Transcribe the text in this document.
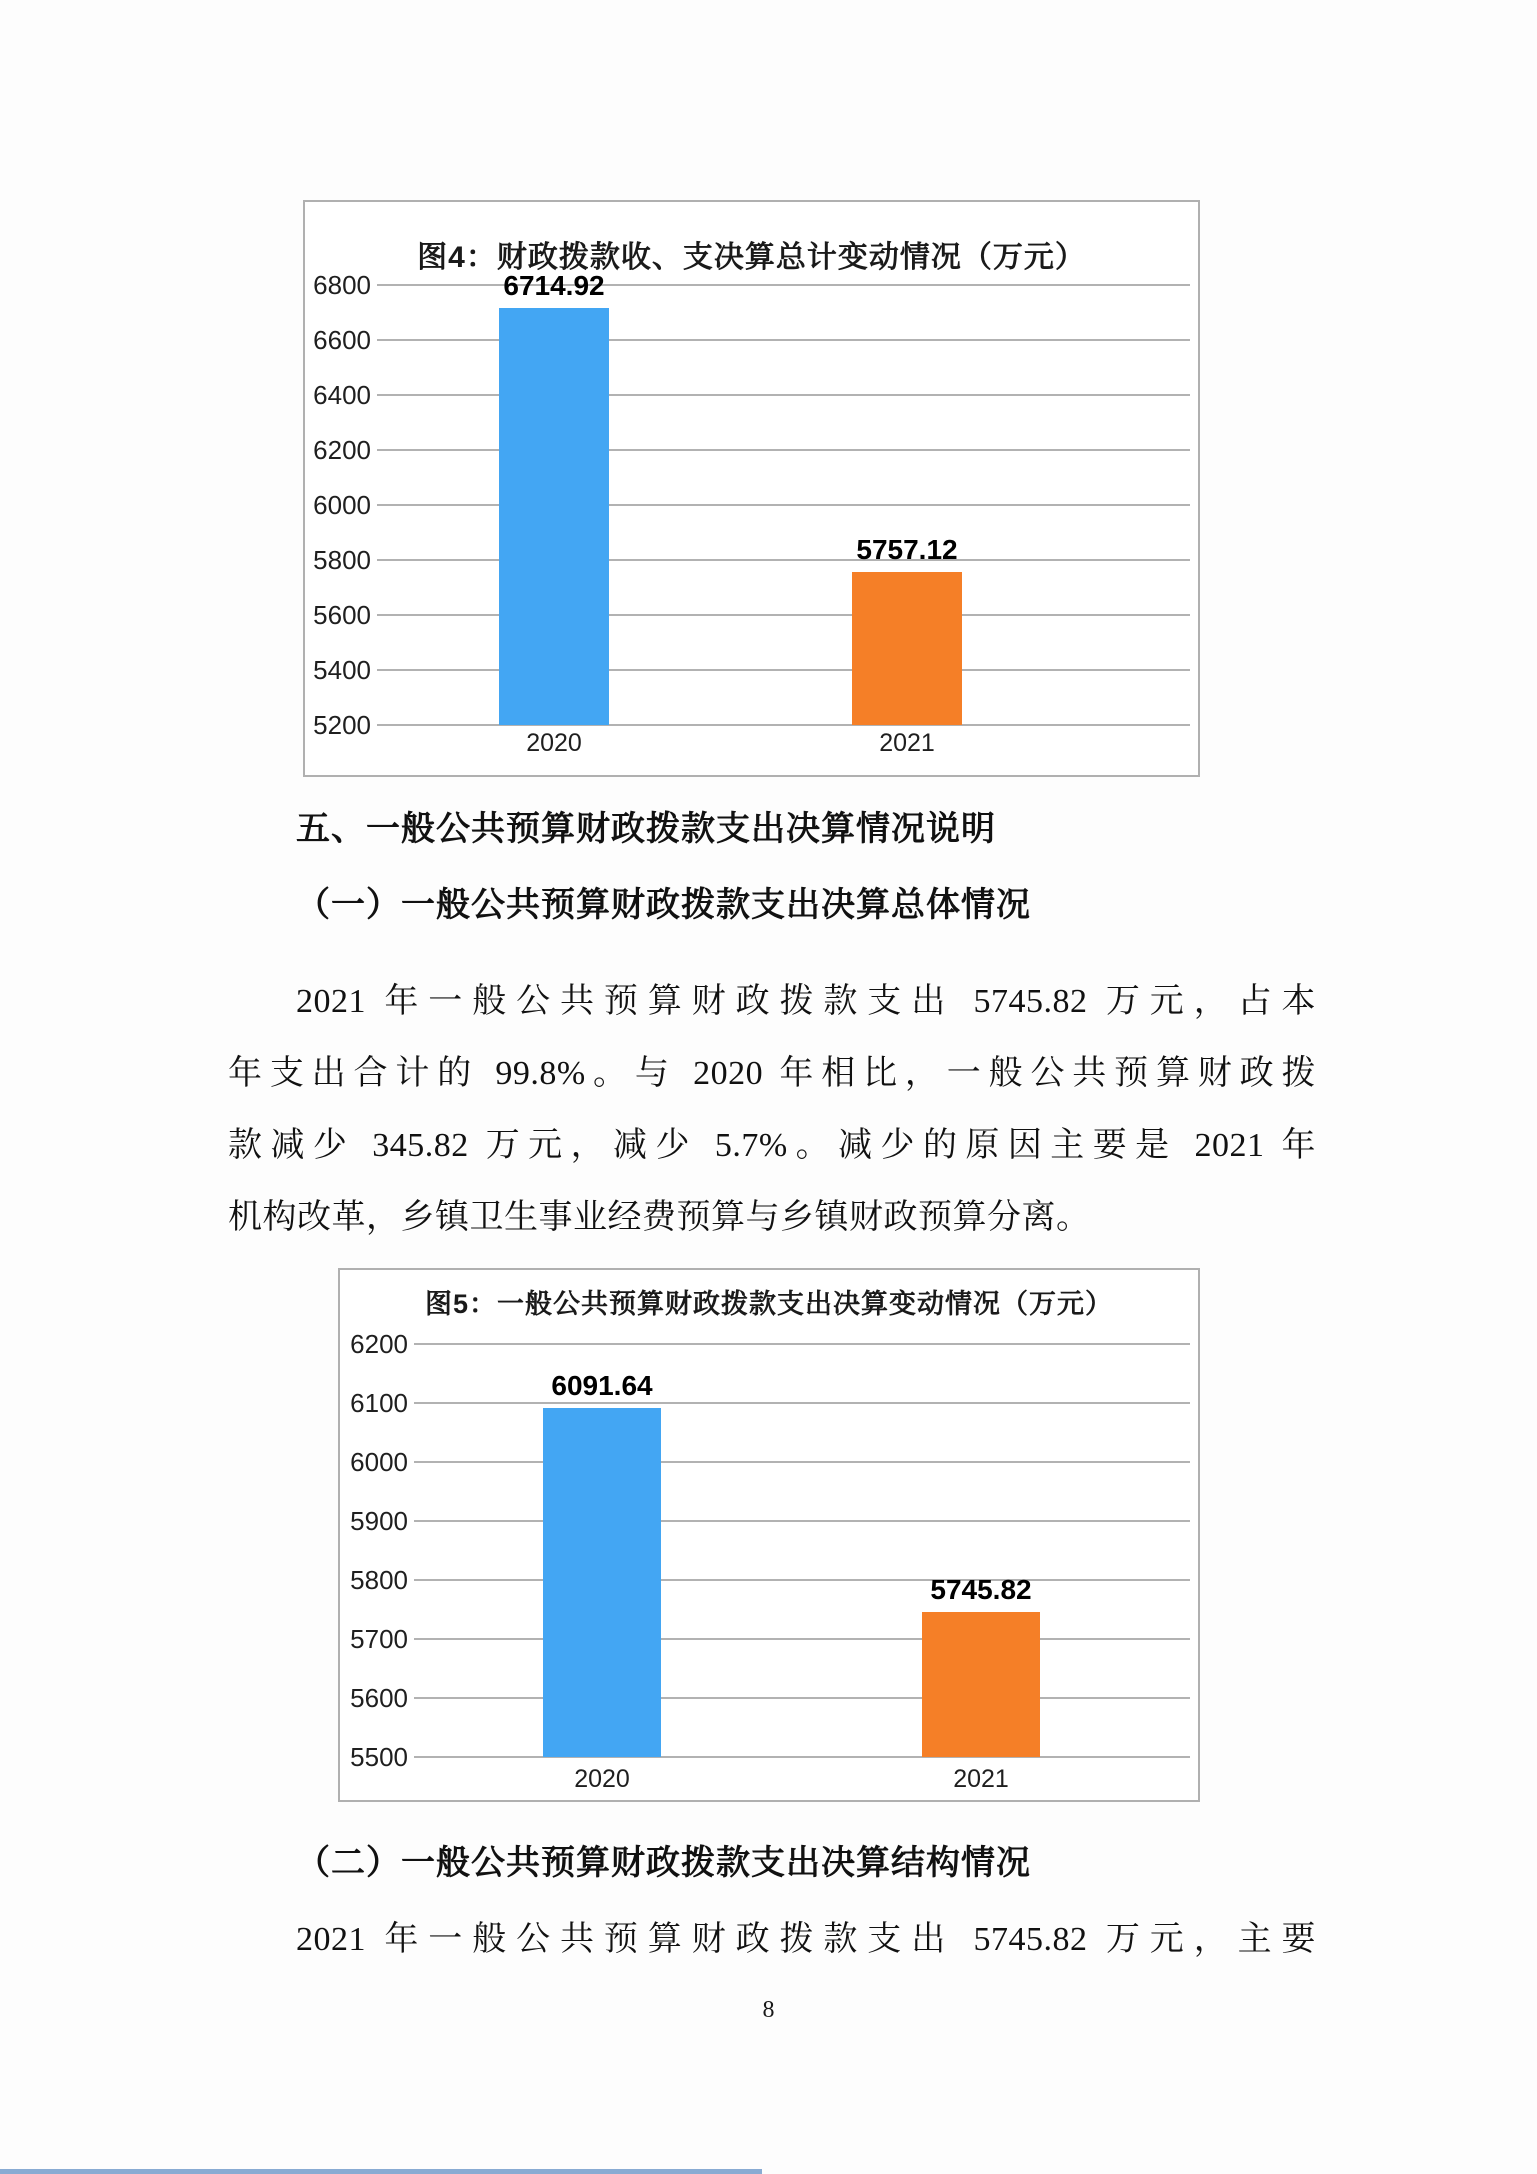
图4：财政拨款收、支决算总计变动情况（万元）
6714.92
5757.12
6800
6600
6400
6200
6000
5800
5600
5400
5200
2020	2021
五、一般公共预算财政拨款支出决算情况说明
（一）一般公共预算财政拨款支出决算总体情况
2021 年一般公共预算财政拨款支出 5745.82 万元，占本
年支出合计的 99.8%。与 2020 年相比，一般公共预算财政拨
款减少 345.82 万元，减少 5.7%。减少的原因主要是 2021 年
机构改革，乡镇卫生事业经费预算与乡镇财政预算分离。
图5：一般公共预算财政拨款支出决算变动情况（万元）
6091.64
5745.82
6200
6100
6000
5900
5800
5700
5600
5500
2020	2021
（二）一般公共预算财政拨款支出决算结构情况
2021 年一般公共预算财政拨款支出 5745.82 万元，主要
8
